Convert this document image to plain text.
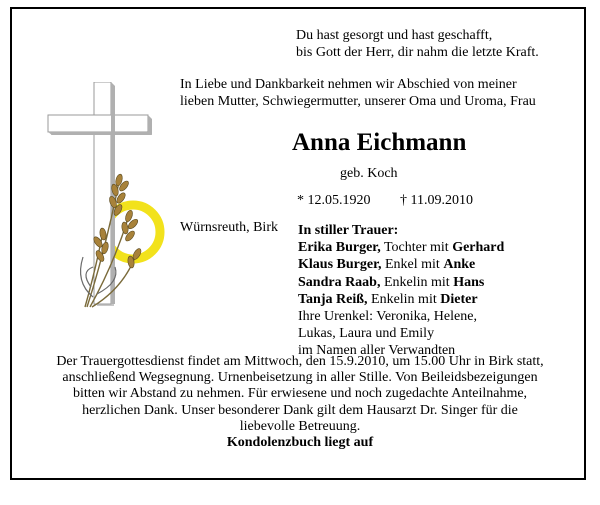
Du hast gesorgt und hast geschafft,
bis Gott der Herr, dir nahm die letzte Kraft.
In Liebe und Dankbarkeit nehmen wir Abschied von meiner
lieben Mutter, Schwiegermutter, unserer Oma und Uroma, Frau
Anna Eichmann
geb. Koch
* 12.05.1920 † 11.09.2010
Würnsreuth, Birk In stiller Trauer:
Erika Burger, Tochter mit Gerhard
Klaus Burger, Enkel mit Anke
Sandra Raab, Enkelin mit Hans
Tanja Reiß, Enkelin mit Dieter
Ihre Urenkel: Veronika, Helene,
Lukas, Laura und Emily
im Namen aller Verwandten
Der Trauergottesdienst findet am Mittwoch, den 15.9.2010, um 15.00 Uhr in Birk statt,
anschließend Wegsegnung. Urnenbeisetzung in aller Stille. Von Beileidsbezeigungen
bitten wir Abstand zu nehmen. Für erwiesene und noch zugedachte Anteilnahme,
herzlichen Dank. Unser besonderer Dank gilt dem Hausarzt Dr. Singer für die
liebevolle Betreuung.
Kondolenzbuch liegt auf
